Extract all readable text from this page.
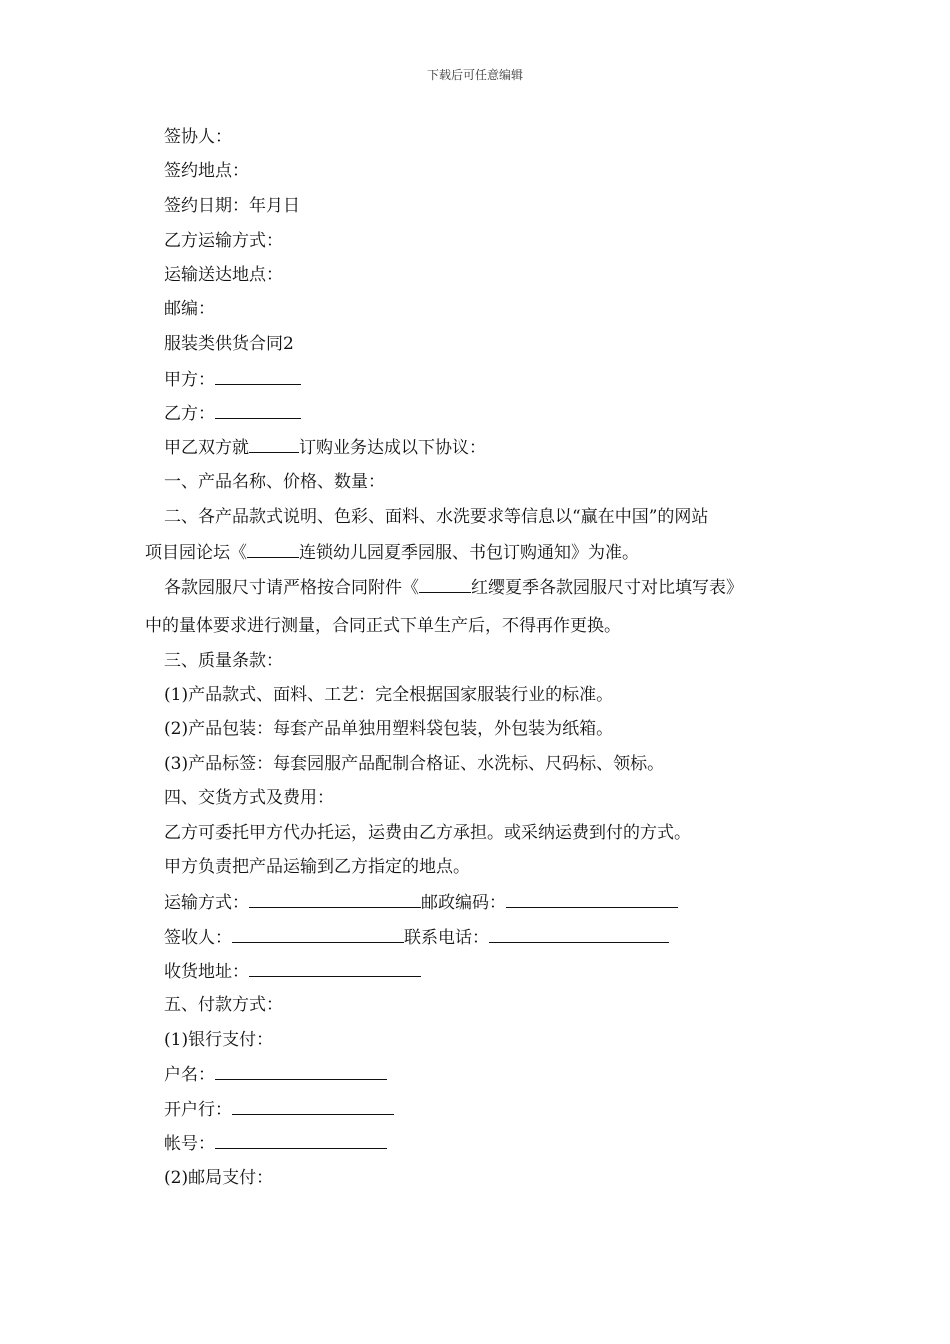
下载后可任意编辑
签协人：
签约地点：
签约日期：年月日
乙方运输方式：
运输送达地点：
邮编：
服装类供货合同2
甲方：
乙方：
甲乙双方就	订购业务达成以下协议：
一、产品名称、价格、数量：
二、各产品款式说明、色彩、面料、水洗要求等信息以“赢在中国”的网站
项目园论坛《	连锁幼儿园夏季园服、书包订购通知》为准。
各款园服尺寸请严格按合同附件《	红缨夏季各款园服尺寸对比填写表》
中的量体要求进行测量，合同正式下单生产后，不得再作更换。
三、质量条款：
(1)产品款式、面料、工艺：完全根据国家服装行业的标准。
(2)产品包装：每套产品单独用塑料袋包装，外包装为纸箱。
(3)产品标签：每套园服产品配制合格证、水洗标、尺码标、领标。
四、交货方式及费用：
乙方可委托甲方代办托运，运费由乙方承担。或采纳运费到付的方式。
甲方负责把产品运输到乙方指定的地点。
运输方式：	邮政编码：
签收人：	联系电话：
收货地址：
五、付款方式：
(1)银行支付：
户名：
开户行：
帐号：
(2)邮局支付：
